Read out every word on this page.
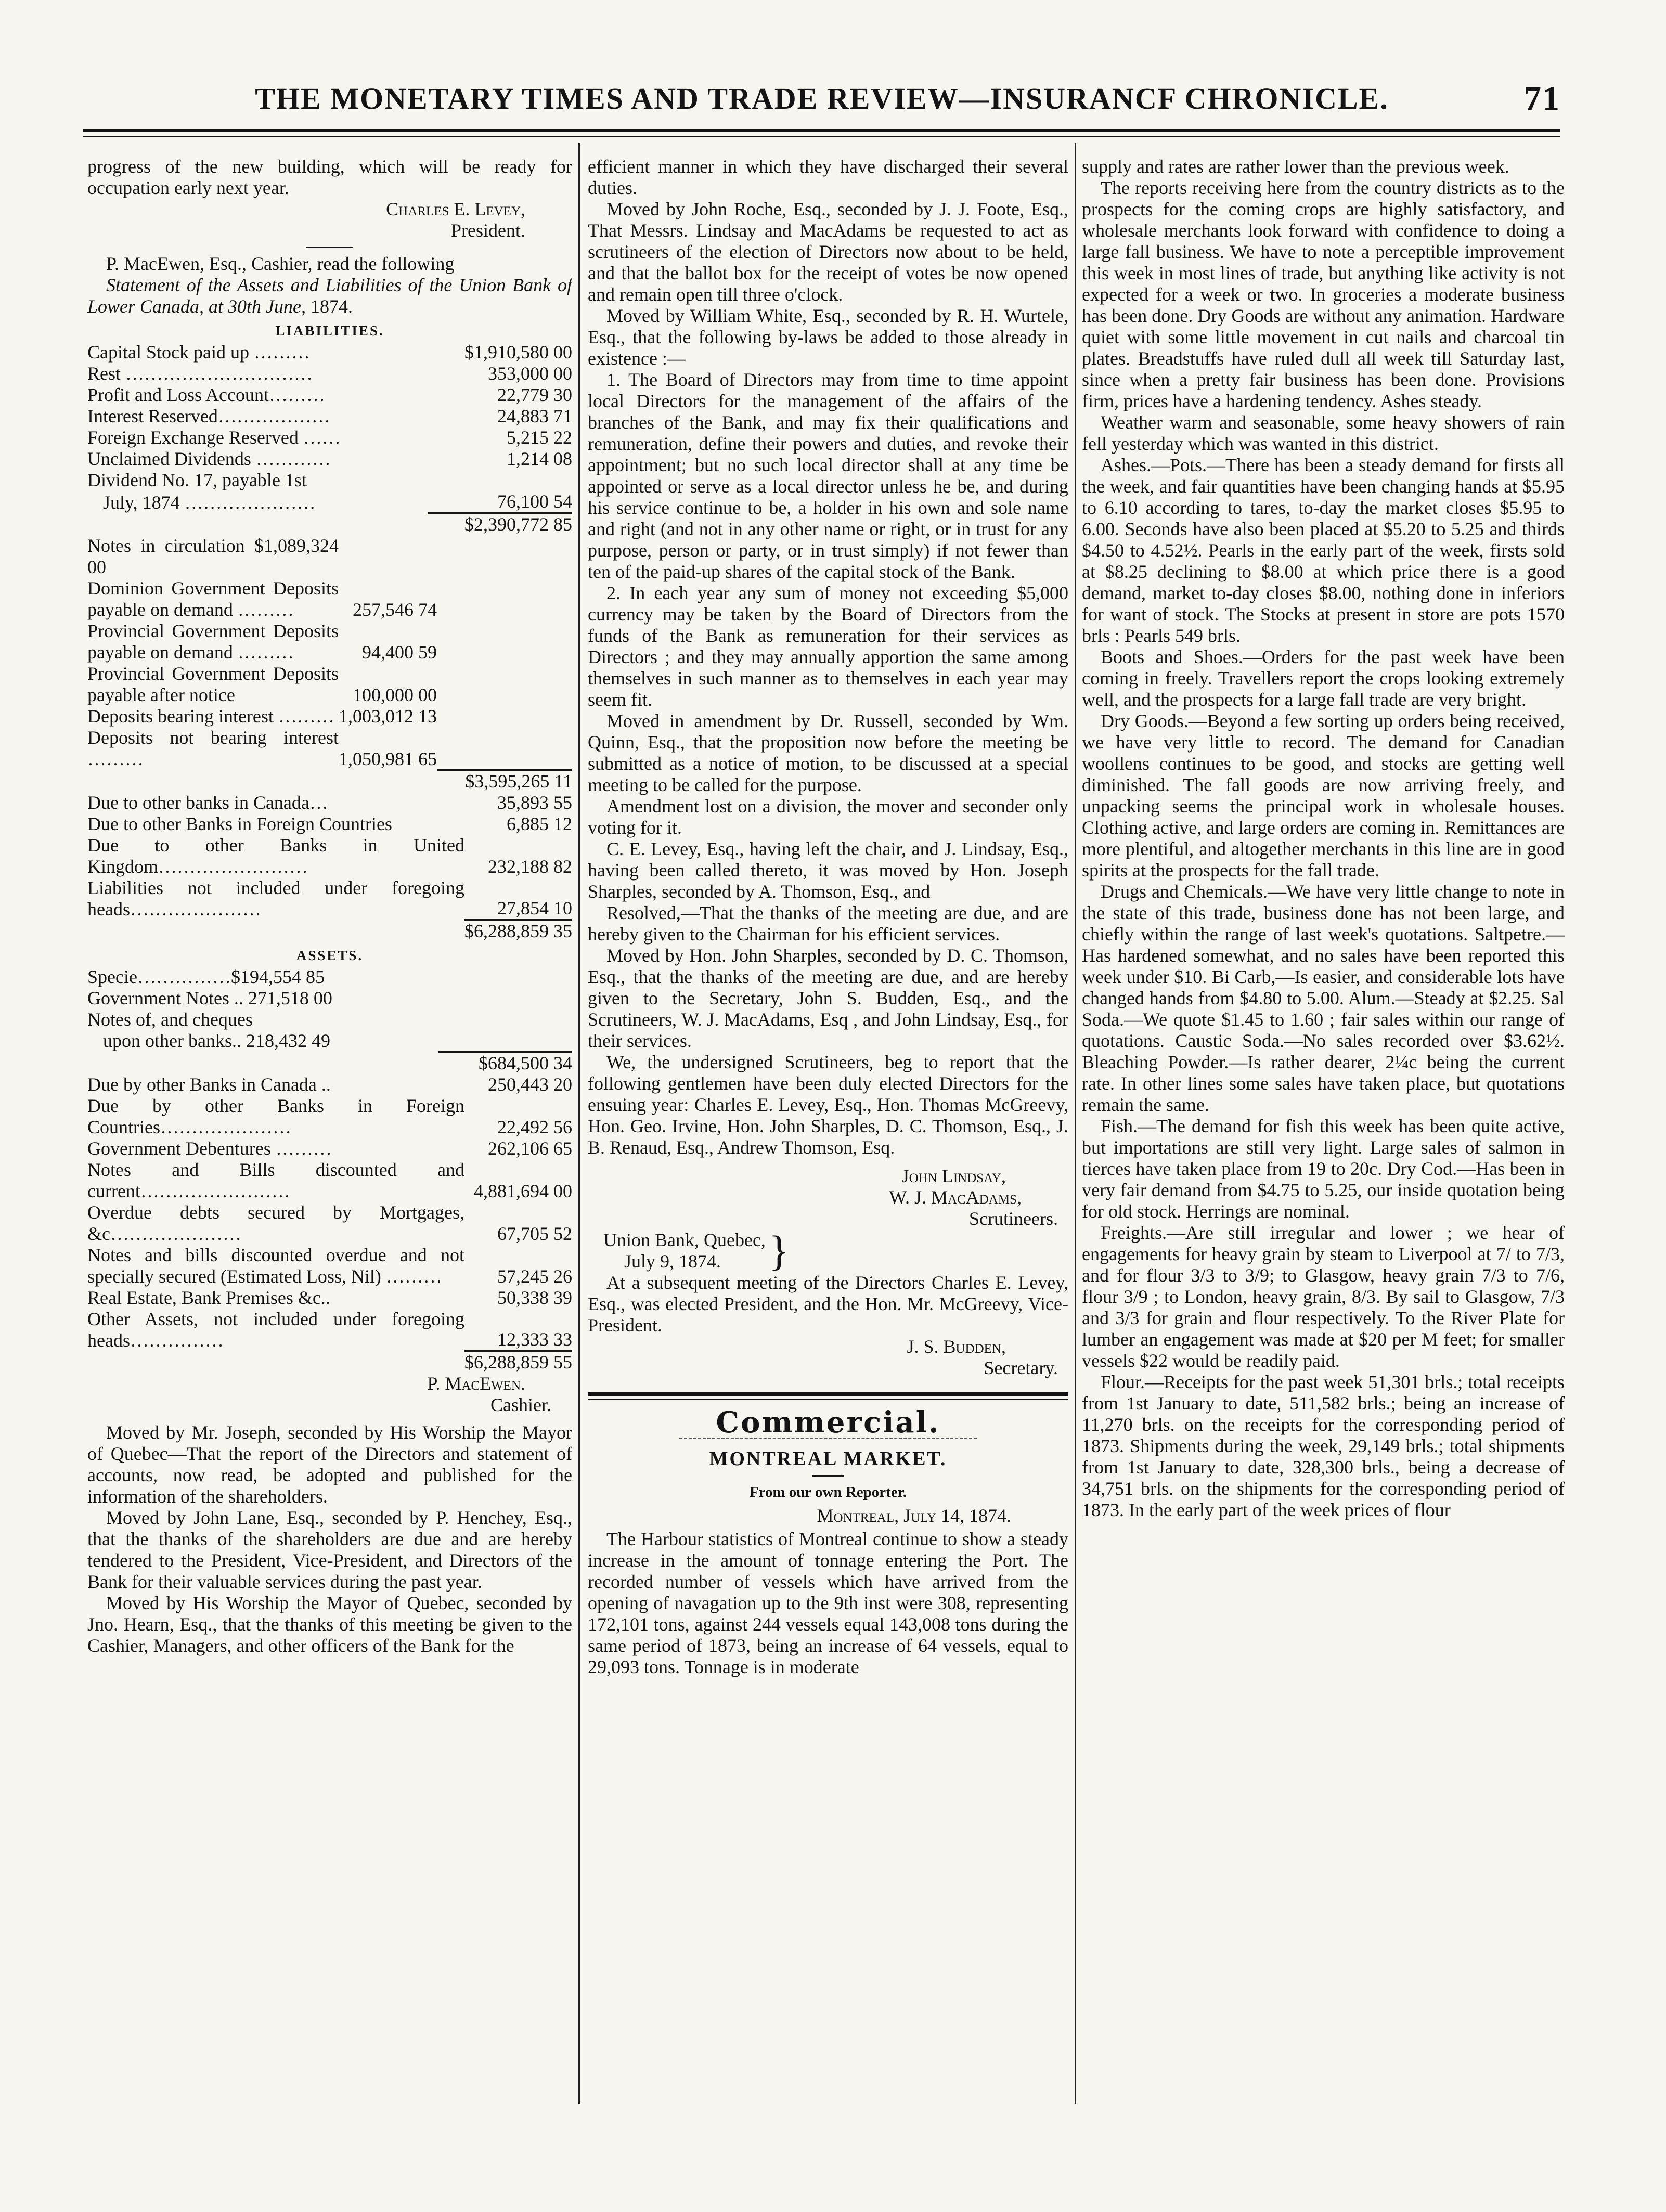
THE MONETARY TIMES AND TRADE REVIEW—INSURANCF CHRONICLE.	71

progress of the new building, which will be ready for occupation early next year.

Charles E. Levey,

President.

P. MacEwen, Esq., Cashier, read the following

Statement of the Assets and Liabilities of the Union Bank of Lower Canada, at 30th June, 1874.

LIABILITIES.

Capital Stock paid up ………	$1,910,580 00
Rest …………………………	353,000 00
Profit and Loss Account………	22,779 30
Interest Reserved………………	24,883 71
Foreign Exchange Reserved ……	5,215 22
Unclaimed Dividends …………	1,214 08
Dividend No. 17, payable 1st	
July, 1874 …………………	76,100 54
	$2,390,772 85
Notes in circulation $1,089,324 00		
Dominion Government Deposits payable on demand ………	257,546 74	
Provincial Government Deposits payable on demand ………	94,400 59	
Provincial Government Deposits payable after notice	100,000 00	
Deposits bearing interest ………	1,003,012 13	
Deposits not bearing interest ………	1,050,981 65	
		$3,595,265 11
Due to other banks in Canada…	35,893 55
Due to other Banks in Foreign Countries	6,885 12
Due to other Banks in United Kingdom……………………	232,188 82
Liabilities not included under foregoing heads…………………	27,854 10
	$6,288,859 35

ASSETS.

Specie……………$194,554 85	
Government Notes .. 271,518 00	
Notes of, and cheques	
upon other banks.. 218,432 49	
	$684,500 34
Due by other Banks in Canada ..	250,443 20
Due by other Banks in Foreign Countries…………………	22,492 56
Government Debentures ………	262,106 65
Notes and Bills discounted and current……………………	4,881,694 00
Overdue debts secured by Mortgages, &c…………………	67,705 52
Notes and bills discounted overdue and not specially secured (Estimated Loss, Nil) ………	57,245 26
Real Estate, Bank Premises &c..	50,338 39
Other Assets, not included under foregoing heads……………	12,333 33
	$6,288,859 55

P. MacEwen.

Cashier.

Moved by Mr. Joseph, seconded by His Worship the Mayor of Quebec—That the report of the Directors and statement of accounts, now read, be adopted and published for the information of the shareholders.

Moved by John Lane, Esq., seconded by P. Henchey, Esq., that the thanks of the shareholders are due and are hereby tendered to the President, Vice-President, and Directors of the Bank for their valuable services during the past year.

Moved by His Worship the Mayor of Quebec, seconded by Jno. Hearn, Esq., that the thanks of this meeting be given to the Cashier, Managers, and other officers of the Bank for the

efficient manner in which they have discharged their several duties.

Moved by John Roche, Esq., seconded by J. J. Foote, Esq., That Messrs. Lindsay and MacAdams be requested to act as scrutineers of the election of Directors now about to be held, and that the ballot box for the receipt of votes be now opened and remain open till three o'clock.

Moved by William White, Esq., seconded by R. H. Wurtele, Esq., that the following by-laws be added to those already in existence :—

1. The Board of Directors may from time to time appoint local Directors for the management of the affairs of the branches of the Bank, and may fix their qualifications and remuneration, define their powers and duties, and revoke their appointment; but no such local director shall at any time be appointed or serve as a local director unless he be, and during his service continue to be, a holder in his own and sole name and right (and not in any other name or right, or in trust for any purpose, person or party, or in trust simply) if not fewer than ten of the paid-up shares of the capital stock of the Bank.

2. In each year any sum of money not exceeding $5,000 currency may be taken by the Board of Directors from the funds of the Bank as remuneration for their services as Directors ; and they may annually apportion the same among themselves in such manner as to themselves in each year may seem fit.

Moved in amendment by Dr. Russell, seconded by Wm. Quinn, Esq., that the proposition now before the meeting be submitted as a notice of motion, to be discussed at a special meeting to be called for the purpose.

Amendment lost on a division, the mover and seconder only voting for it.

C. E. Levey, Esq., having left the chair, and J. Lindsay, Esq., having been called thereto, it was moved by Hon. Joseph Sharples, seconded by A. Thomson, Esq., and

Resolved,—That the thanks of the meeting are due, and are hereby given to the Chairman for his efficient services.

Moved by Hon. John Sharples, seconded by D. C. Thomson, Esq., that the thanks of the meeting are due, and are hereby given to the Secretary, John S. Budden, Esq., and the Scrutineers, W. J. MacAdams, Esq , and John Lindsay, Esq., for their services.

We, the undersigned Scrutineers, beg to report that the following gentlemen have been duly elected Directors for the ensuing year: Charles E. Levey, Esq., Hon. Thomas McGreevy, Hon. Geo. Irvine, Hon. John Sharples, D. C. Thomson, Esq., J. B. Renaud, Esq., Andrew Thomson, Esq.

John Lindsay,

W. J. MacAdams,

Scrutineers.

Union Bank, Quebec,

July 9, 1874.	}

At a subsequent meeting of the Directors Charles E. Levey, Esq., was elected President, and the Hon. Mr. McGreevy, Vice-President.

J. S. Budden,

Secretary.

Commercial.
MONTREAL MARKET.
From our own Reporter.

Montreal, July 14, 1874.

The Harbour statistics of Montreal continue to show a steady increase in the amount of tonnage entering the Port. The recorded number of vessels which have arrived from the opening of navagation up to the 9th inst were 308, representing 172,101 tons, against 244 vessels equal 143,008 tons during the same period of 1873, being an increase of 64 vessels, equal to 29,093 tons. Tonnage is in moderate

supply and rates are rather lower than the previous week.

The reports receiving here from the country districts as to the prospects for the coming crops are highly satisfactory, and wholesale merchants look forward with confidence to doing a large fall business. We have to note a perceptible improvement this week in most lines of trade, but anything like activity is not expected for a week or two. In groceries a moderate business has been done. Dry Goods are without any animation. Hardware quiet with some little movement in cut nails and charcoal tin plates. Breadstuffs have ruled dull all week till Saturday last, since when a pretty fair business has been done. Provisions firm, prices have a hardening tendency. Ashes steady.

Weather warm and seasonable, some heavy showers of rain fell yesterday which was wanted in this district.

Ashes.—Pots.—There has been a steady demand for firsts all the week, and fair quantities have been changing hands at $5.95 to 6.10 according to tares, to-day the market closes $5.95 to 6.00. Seconds have also been placed at $5.20 to 5.25 and thirds $4.50 to 4.52½. Pearls in the early part of the week, firsts sold at $8.25 declining to $8.00 at which price there is a good demand, market to-day closes $8.00, nothing done in inferiors for want of stock. The Stocks at present in store are pots 1570 brls : Pearls 549 brls.

Boots and Shoes.—Orders for the past week have been coming in freely. Travellers report the crops looking extremely well, and the prospects for a large fall trade are very bright.

Dry Goods.—Beyond a few sorting up orders being received, we have very little to record. The demand for Canadian woollens continues to be good, and stocks are getting well diminished. The fall goods are now arriving freely, and unpacking seems the principal work in wholesale houses. Clothing active, and large orders are coming in. Remittances are more plentiful, and altogether merchants in this line are in good spirits at the prospects for the fall trade.

Drugs and Chemicals.—We have very little change to note in the state of this trade, business done has not been large, and chiefly within the range of last week's quotations. Saltpetre.—Has hardened somewhat, and no sales have been reported this week under $10. Bi Carb,—Is easier, and considerable lots have changed hands from $4.80 to 5.00. Alum.—Steady at $2.25. Sal Soda.—We quote $1.45 to 1.60 ; fair sales within our range of quotations. Caustic Soda.—No sales recorded over $3.62½. Bleaching Powder.—Is rather dearer, 2¼c being the current rate. In other lines some sales have taken place, but quotations remain the same.

Fish.—The demand for fish this week has been quite active, but importations are still very light. Large sales of salmon in tierces have taken place from 19 to 20c. Dry Cod.—Has been in very fair demand from $4.75 to 5.25, our inside quotation being for old stock. Herrings are nominal.

Freights.—Are still irregular and lower ; we hear of engagements for heavy grain by steam to Liverpool at 7/ to 7/3, and for flour 3/3 to 3/9; to Glasgow, heavy grain 7/3 to 7/6, flour 3/9 ; to London, heavy grain, 8/3. By sail to Glasgow, 7/3 and 3/3 for grain and flour respectively. To the River Plate for lumber an engagement was made at $20 per M feet; for smaller vessels $22 would be readily paid.

Flour.—Receipts for the past week 51,301 brls.; total receipts from 1st January to date, 511,582 brls.; being an increase of 11,270 brls. on the receipts for the corresponding period of 1873. Shipments during the week, 29,149 brls.; total shipments from 1st January to date, 328,300 brls., being a decrease of 34,751 brls. on the shipments for the corresponding period of 1873. In the early part of the week prices of flour
